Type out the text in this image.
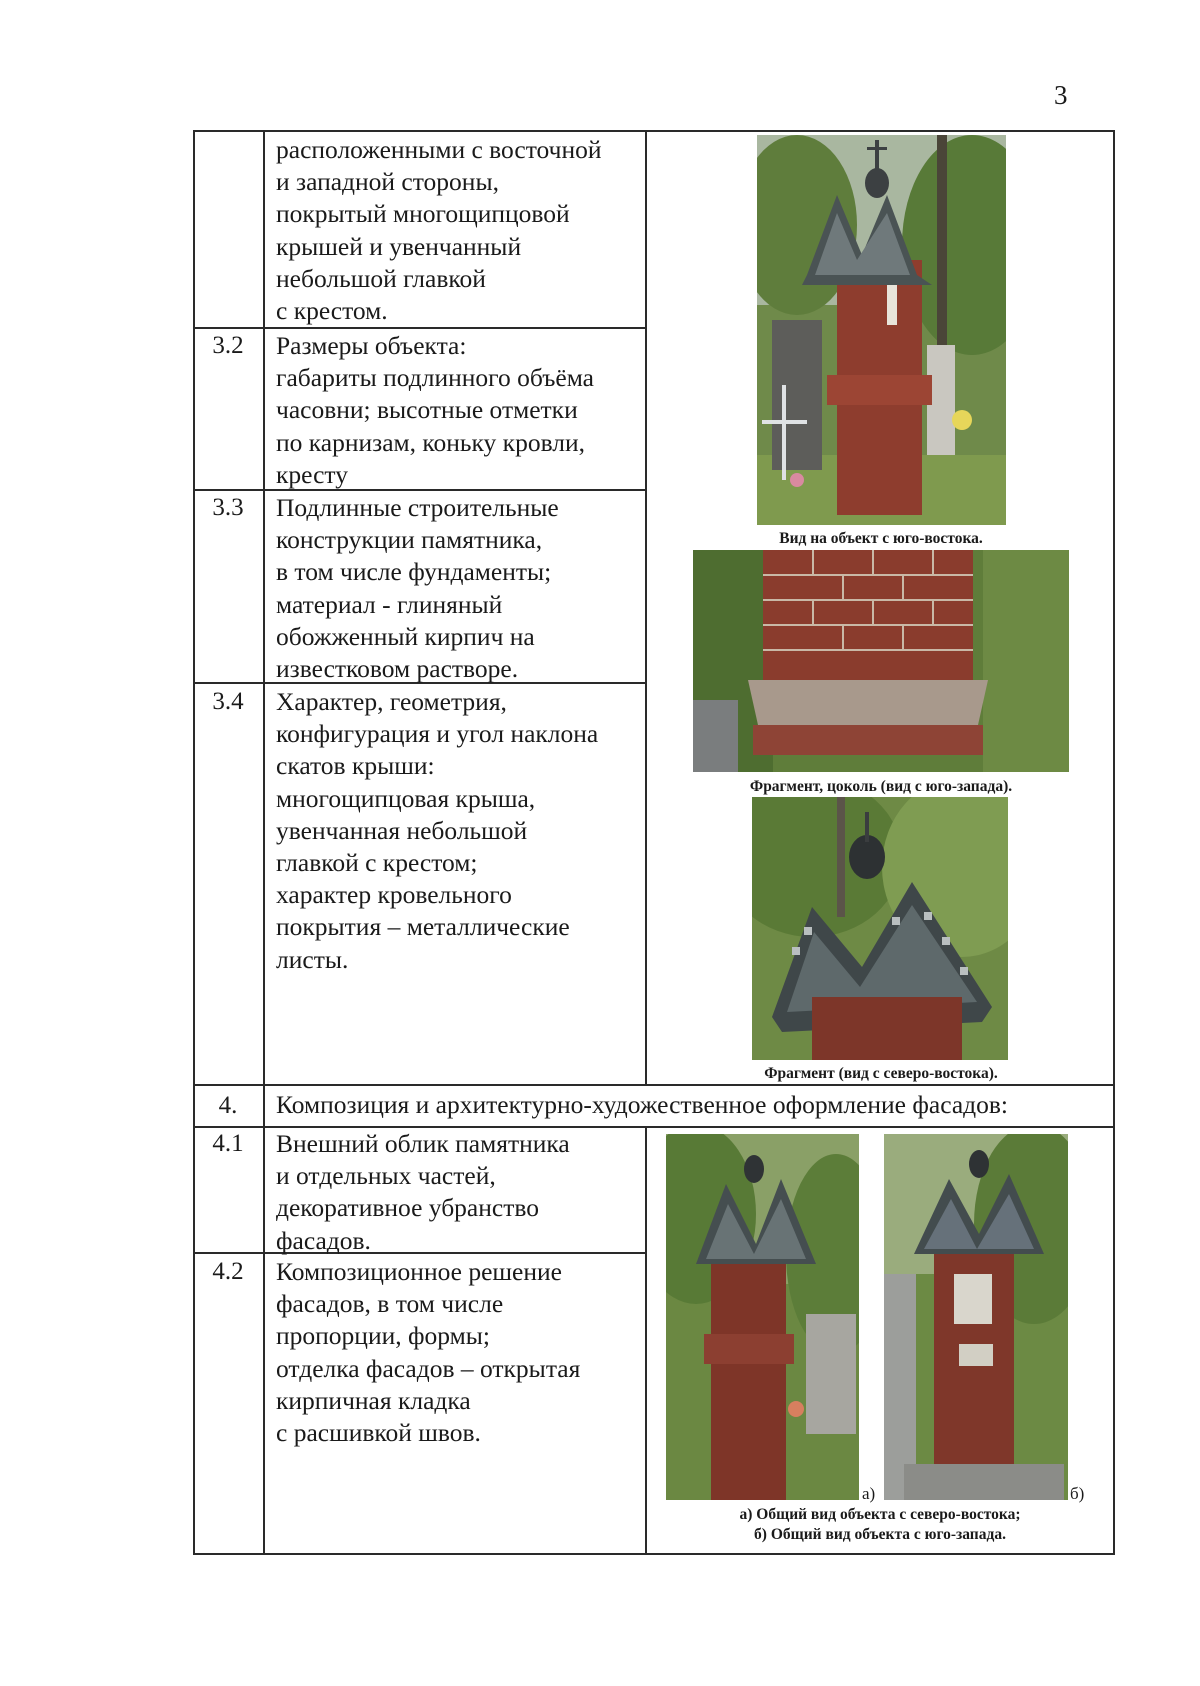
3
расположенными с восточной
и западной стороны,
покрытый многощипцовой
крышей и увенчанный
небольшой главкой
с крестом.
3.2	Размеры объекта:
габариты подлинного объёма
часовни; высотные отметки
по карнизам, коньку кровли,
кресту
3.3	Подлинные строительные
конструкции памятника,
в том числе фундаменты;
материал - глиняный
обожженный кирпич на
известковом растворе.
3.4	Характер, геометрия,
конфигурация и угол наклона
скатов крыши:
многощипцовая крыша,
увенчанная небольшой
главкой с крестом;
характер кровельного
покрытия – металлические
листы.
4.	Композиция и архитектурно-художественное оформление фасадов:
4.1	Внешний облик памятника
и отдельных частей,
декоративное убранство
фасадов.
4.2	Композиционное решение
фасадов, в том числе
пропорции, формы;
отделка фасадов – открытая
кирпичная кладка
с расшивкой швов.
Вид на объект с юго-востока.
Фрагмент, цоколь (вид с юго-запада).
Фрагмент (вид с северо-востока).
а)	б)
а) Общий вид объекта с северо-востока;
б) Общий вид объекта с юго-запада.
